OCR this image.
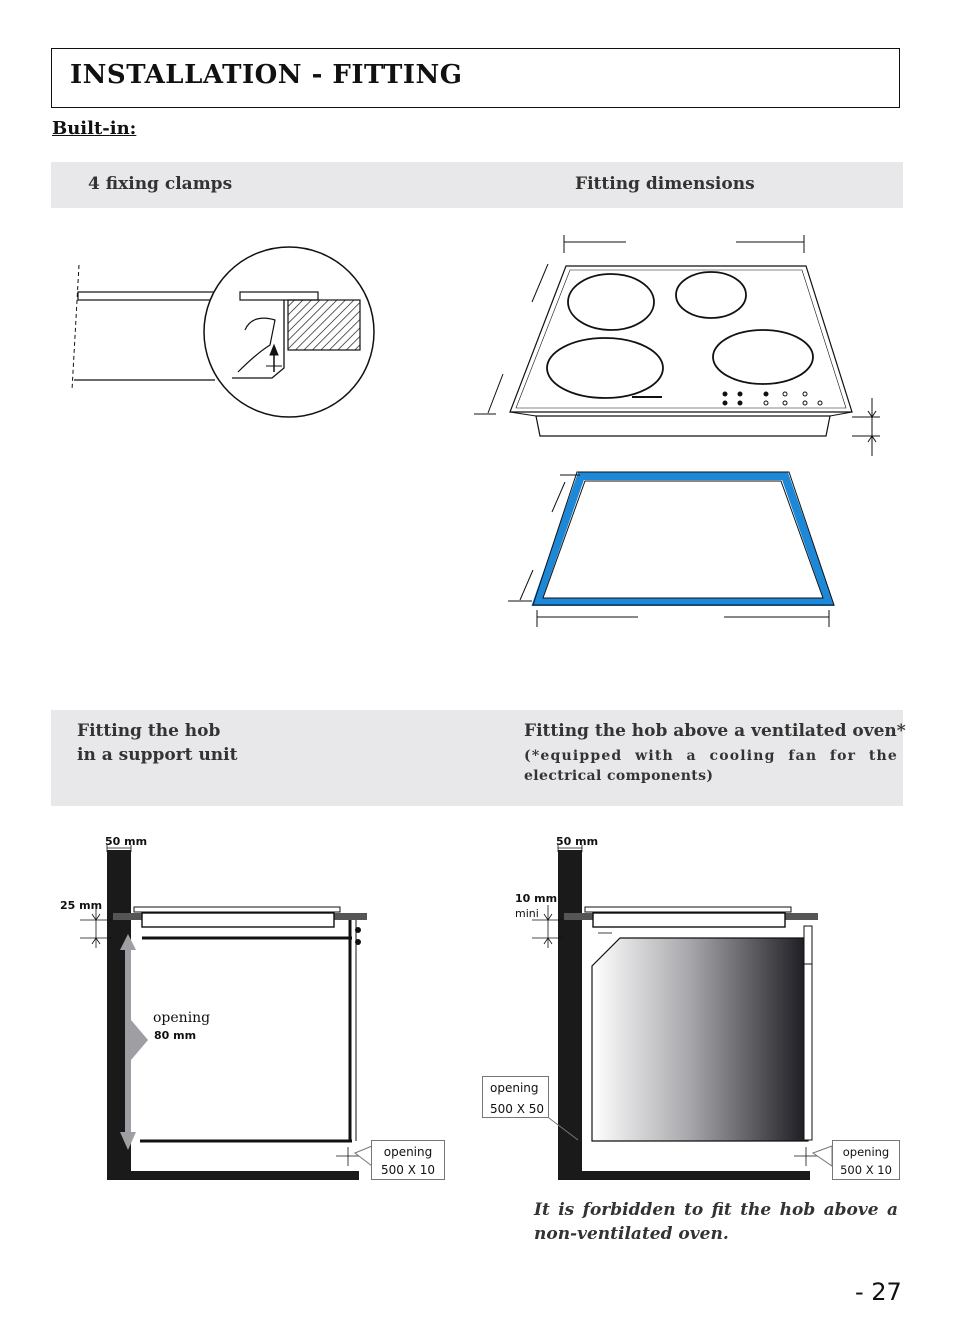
INSTALLATION - FITTING
Built-in:
4 fixing clamps	Fitting dimensions
Fitting the hob
in a support unit
Fitting the hob above a ventilated oven*
(*equipped with a cooling fan for the
electrical components)
50 mm
25 mm
opening
80 mm
opening
500 X 10
50 mm
10 mm
mini
opening
500 X 50
opening
500 X 10
It is forbidden to fit the hob above a non-ventilated oven.
- 27
